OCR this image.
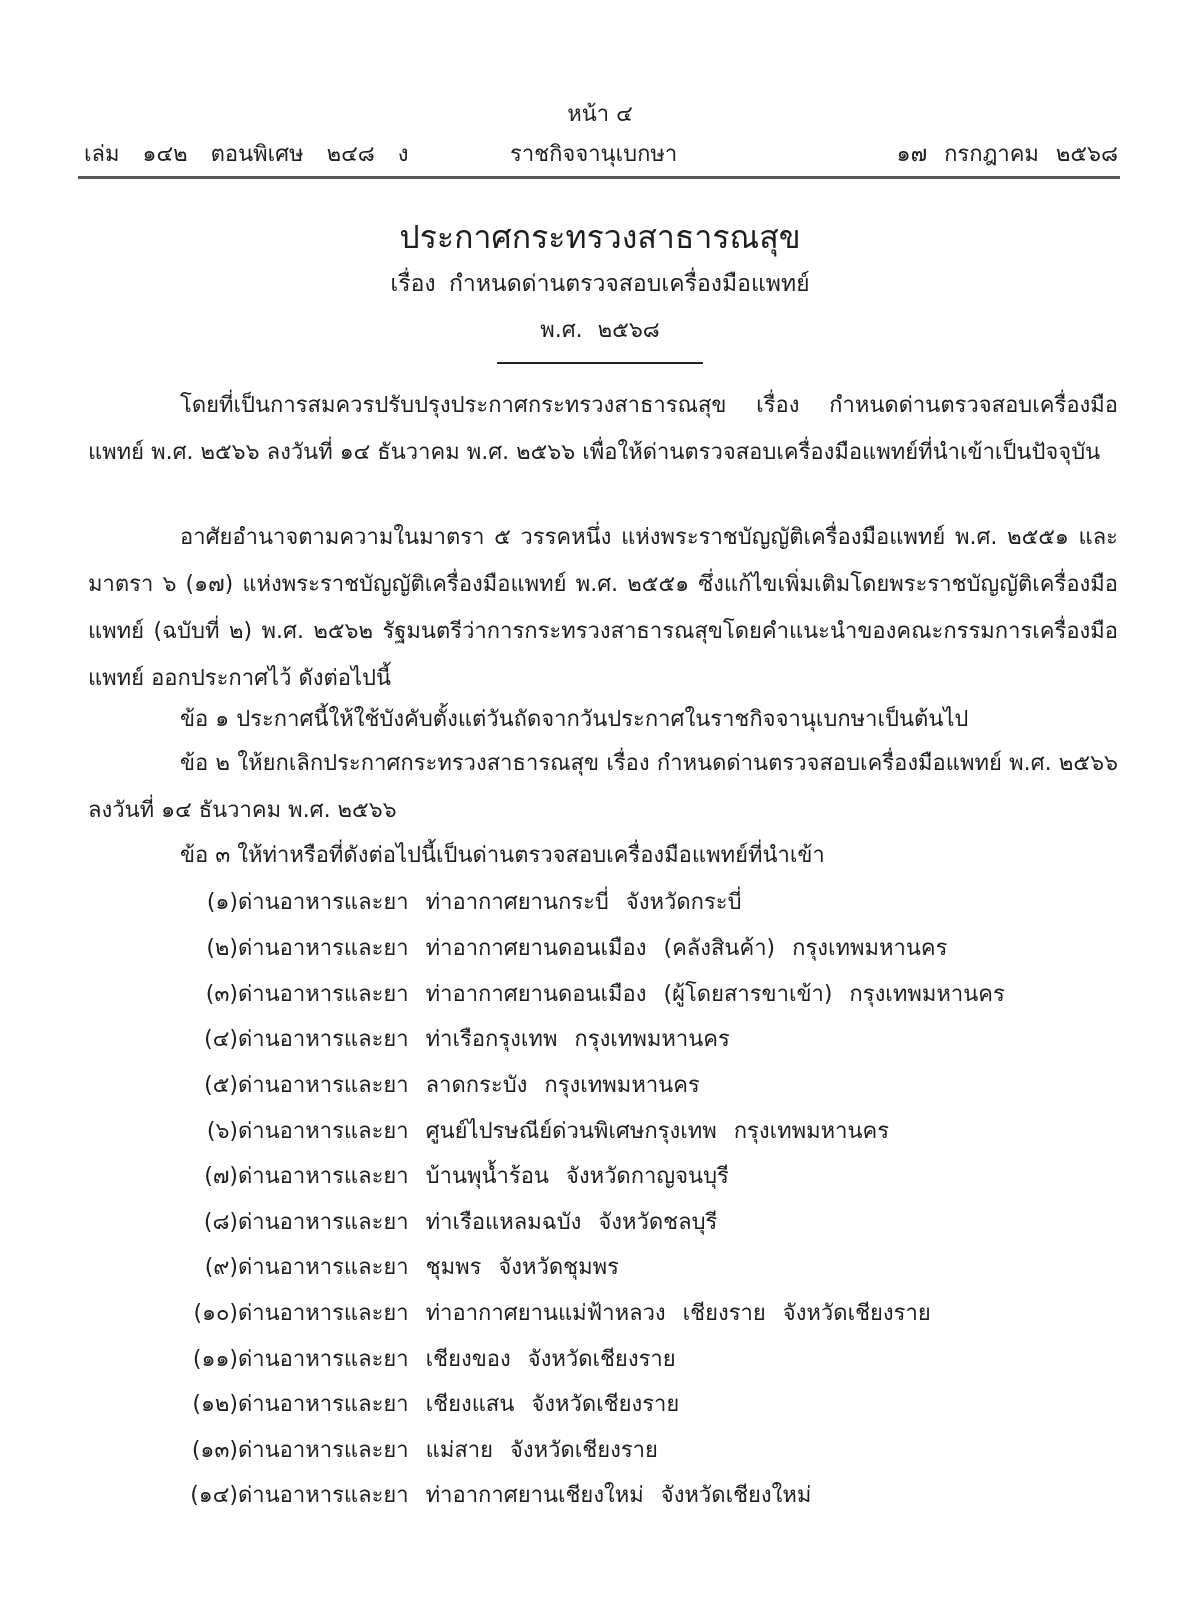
หน้า ๔
เล่ม ๑๔๒ ตอนพิเศษ ๒๔๘ ง	ราชกิจจานุเบกษา	๑๗ กรกฎาคม ๒๕๖๘
ประกาศกระทรวงสาธารณสุข
เรื่อง กำหนดด่านตรวจสอบเครื่องมือแพทย์
พ.ศ. ๒๕๖๘
โดยที่เป็นการสมควรปรับปรุงประกาศกระทรวงสาธารณสุข เรื่อง กำหนดด่านตรวจสอบเครื่องมือแพทย์ พ.ศ. ๒๕๖๖ ลงวันที่ ๑๔ ธันวาคม พ.ศ. ๒๕๖๖ เพื่อให้ด่านตรวจสอบเครื่องมือแพทย์ที่นำเข้าเป็นปัจจุบัน
อาศัยอำนาจตามความในมาตรา ๕ วรรคหนึ่ง แห่งพระราชบัญญัติเครื่องมือแพทย์ พ.ศ. ๒๕๕๑ และมาตรา ๖ (๑๗) แห่งพระราชบัญญัติเครื่องมือแพทย์ พ.ศ. ๒๕๕๑ ซึ่งแก้ไขเพิ่มเติมโดยพระราชบัญญัติเครื่องมือแพทย์ (ฉบับที่ ๒) พ.ศ. ๒๕๖๒ รัฐมนตรีว่าการกระทรวงสาธารณสุขโดยคำแนะนำของคณะกรรมการเครื่องมือแพทย์ ออกประกาศไว้ ดังต่อไปนี้
ข้อ ๑ ประกาศนี้ให้ใช้บังคับตั้งแต่วันถัดจากวันประกาศในราชกิจจานุเบกษาเป็นต้นไป
ข้อ ๒ ให้ยกเลิกประกาศกระทรวงสาธารณสุข เรื่อง กำหนดด่านตรวจสอบเครื่องมือแพทย์ พ.ศ. ๒๕๖๖ ลงวันที่ ๑๔ ธันวาคม พ.ศ. ๒๕๖๖
ข้อ ๓ ให้ท่าหรือที่ดังต่อไปนี้เป็นด่านตรวจสอบเครื่องมือแพทย์ที่นำเข้า
(๑) ด่านอาหารและยา ท่าอากาศยานกระบี่ จังหวัดกระบี่
(๒) ด่านอาหารและยา ท่าอากาศยานดอนเมือง (คลังสินค้า) กรุงเทพมหานคร
(๓) ด่านอาหารและยา ท่าอากาศยานดอนเมือง (ผู้โดยสารขาเข้า) กรุงเทพมหานคร
(๔) ด่านอาหารและยา ท่าเรือกรุงเทพ กรุงเทพมหานคร
(๕) ด่านอาหารและยา ลาดกระบัง กรุงเทพมหานคร
(๖) ด่านอาหารและยา ศูนย์ไปรษณีย์ด่วนพิเศษกรุงเทพ กรุงเทพมหานคร
(๗) ด่านอาหารและยา บ้านพุน้ำร้อน จังหวัดกาญจนบุรี
(๘) ด่านอาหารและยา ท่าเรือแหลมฉบัง จังหวัดชลบุรี
(๙) ด่านอาหารและยา ชุมพร จังหวัดชุมพร
(๑๐) ด่านอาหารและยา ท่าอากาศยานแม่ฟ้าหลวง เชียงราย จังหวัดเชียงราย
(๑๑) ด่านอาหารและยา เชียงของ จังหวัดเชียงราย
(๑๒) ด่านอาหารและยา เชียงแสน จังหวัดเชียงราย
(๑๓) ด่านอาหารและยา แม่สาย จังหวัดเชียงราย
(๑๔) ด่านอาหารและยา ท่าอากาศยานเชียงใหม่ จังหวัดเชียงใหม่
